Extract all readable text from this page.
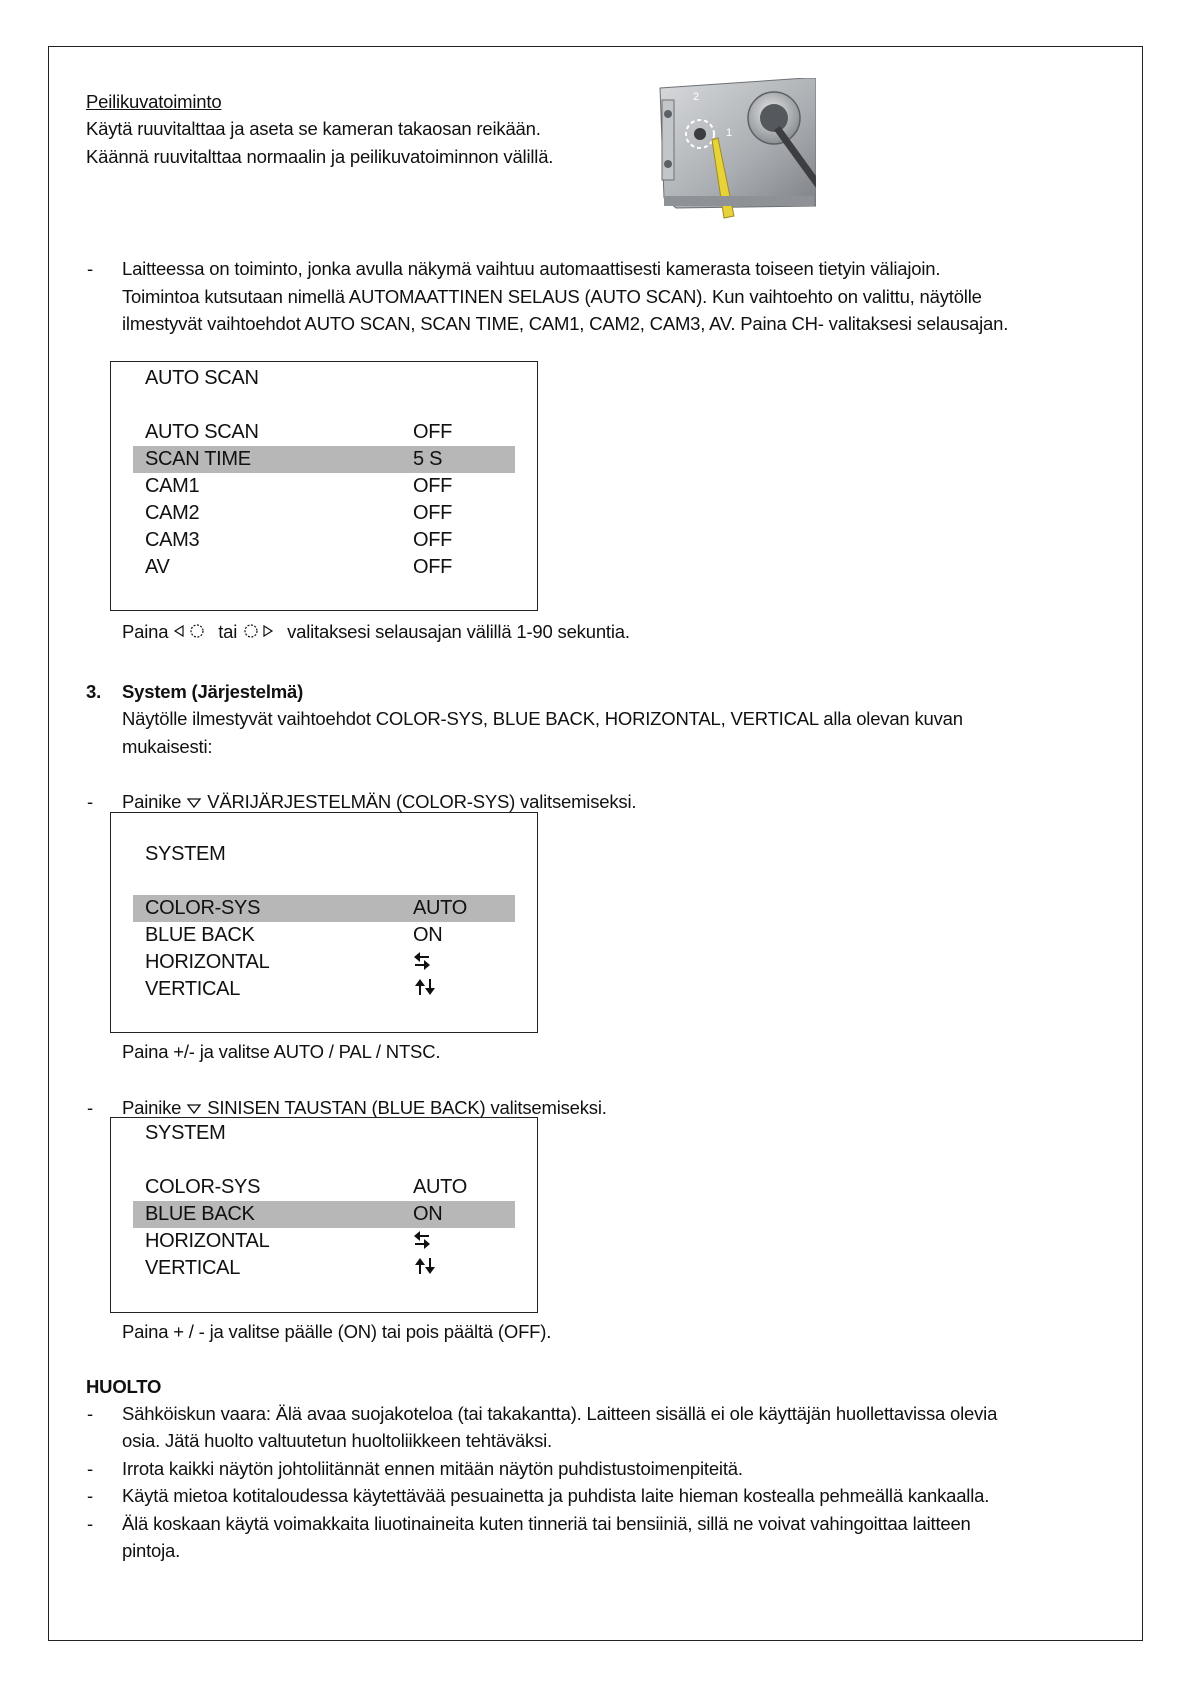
Peilikuvatoiminto
Käytä ruuvitalttaa ja aseta se kameran takaosan reikään.
Käännä ruuvitalttaa normaalin ja peilikuvatoiminnon välillä.
2
1
- Laitteessa on toiminto, jonka avulla näkymä vaihtuu automaattisesti kamerasta toiseen tietyin väliajoin.
Toimintoa kutsutaan nimellä AUTOMAATTINEN SELAUS (AUTO SCAN). Kun vaihtoehto on valittu, näytölle
ilmestyvät vaihtoehdot AUTO SCAN, SCAN TIME, CAM1, CAM2, CAM3, AV. Paina CH- valitaksesi selausajan.
AUTO SCAN
AUTO SCAN	OFF
SCAN TIME	5 S
CAM1	OFF
CAM2	OFF
CAM3	OFF
AV	OFF
Paina	tai	valitaksesi selausajan välillä 1-90 sekuntia.
3. System (Järjestelmä)
Näytölle ilmestyvät vaihtoehdot COLOR-SYS, BLUE BACK, HORIZONTAL, VERTICAL alla olevan kuvan
mukaisesti:
- Painike VÄRIJÄRJESTELMÄN (COLOR-SYS) valitsemiseksi.
SYSTEM
COLOR-SYS	AUTO
BLUE BACK	ON
HORIZONTAL
VERTICAL
Paina +/- ja valitse AUTO / PAL / NTSC.
- Painike SINISEN TAUSTAN (BLUE BACK) valitsemiseksi.
SYSTEM
COLOR-SYS	AUTO
BLUE BACK	ON
HORIZONTAL
VERTICAL
Paina + / - ja valitse päälle (ON) tai pois päältä (OFF).
HUOLTO
- Sähköiskun vaara: Älä avaa suojakoteloa (tai takakantta). Laitteen sisällä ei ole käyttäjän huollettavissa olevia
osia. Jätä huolto valtuutetun huoltoliikkeen tehtäväksi.
- Irrota kaikki näytön johtoliitännät ennen mitään näytön puhdistustoimenpiteitä.
- Käytä mietoa kotitaloudessa käytettävää pesuainetta ja puhdista laite hieman kostealla pehmeällä kankaalla.
- Älä koskaan käytä voimakkaita liuotinaineita kuten tinneriä tai bensiiniä, sillä ne voivat vahingoittaa laitteen
pintoja.
